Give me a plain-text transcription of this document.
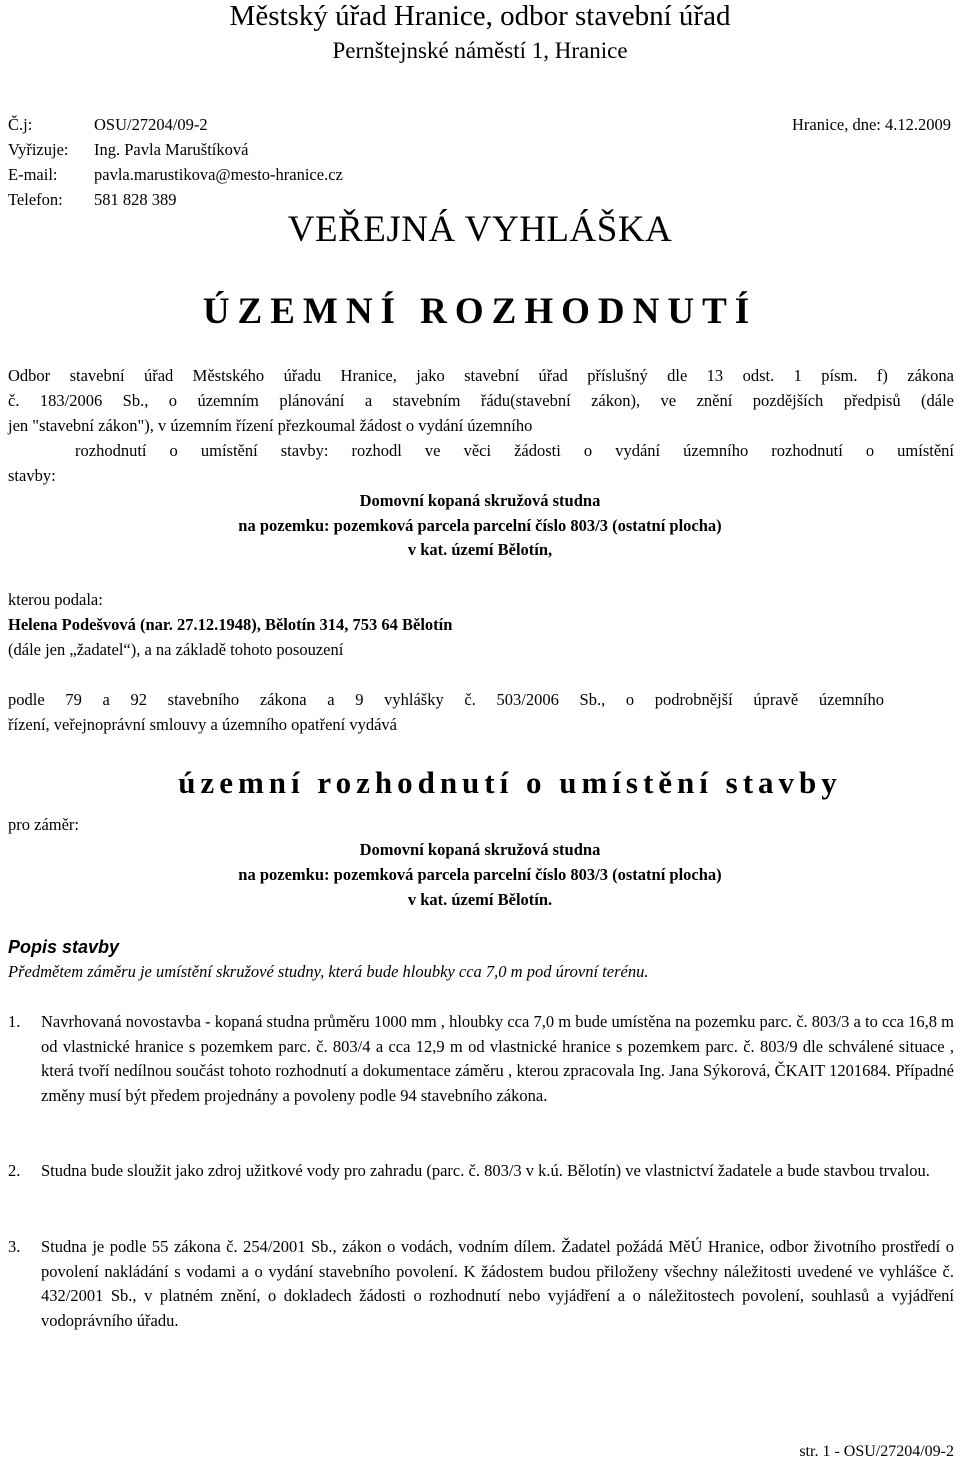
Městský úřad Hranice, odbor stavební úřad
Pernštejnské náměstí 1, Hranice
Č.j:	OSU/27204/09-2	Hranice, dne: 4.12.2009
Vyřizuje: Ing. Pavla Maruštíková
E-mail: pavla.marustikova@mesto-hranice.cz
Telefon: 581 828 389
VEŘEJNÁ VYHLÁŠKA
ÚZEMNÍ ROZHODNUTÍ
Odbor stavební úřad Městského úřadu Hranice, jako stavební úřad příslušný dle 13 odst. 1 písm. f) zákona
č. 183/2006 Sb., o územním plánování a stavebním řádu(stavební zákon), ve znění pozdějších předpisů (dále
jen "stavební zákon"), v územním řízení přezkoumal žádost o vydání územního
rozhodnutí o umístění stavby: rozhodl ve věci žádosti o vydání územního rozhodnutí o umístění
stavby:
Domovní kopaná skružová studna
na pozemku: pozemková parcela parcelní číslo 803/3 (ostatní plocha)
v kat. území Bělotín,
kterou podala:
Helena Podešvová (nar. 27.12.1948), Bělotín 314, 753 64 Bělotín
(dále jen „žadatel“), a na základě tohoto posouzení
podle 79 a 92 stavebního zákona a 9 vyhlášky č. 503/2006 Sb., o podrobnější úpravě územního
řízení, veřejnoprávní smlouvy a územního opatření vydává
územní rozhodnutí o umístění stavby
pro záměr:
Domovní kopaná skružová studna
na pozemku: pozemková parcela parcelní číslo 803/3 (ostatní plocha)
v kat. území Bělotín.
Popis stavby
Předmětem záměru je umístění skružové studny, která bude hloubky cca 7,0 m pod úrovní terénu.
1. Navrhovaná novostavba - kopaná studna průměru 1000 mm , hloubky cca 7,0 m bude umístěna na pozemku parc. č. 803/3 a to cca 16,8 m od vlastnické hranice s pozemkem parc. č. 803/4 a cca 12,9 m od vlastnické hranice s pozemkem parc. č. 803/9 dle schválené situace , která tvoří nedílnou součást tohoto rozhodnutí a dokumentace záměru , kterou zpracovala Ing. Jana Sýkorová, ČKAIT 1201684. Případné změny musí být předem projednány a povoleny podle 94 stavebního zákona.
2. Studna bude sloužit jako zdroj užitkové vody pro zahradu (parc. č. 803/3 v k.ú. Bělotín) ve vlastnictví žadatele a bude stavbou trvalou.
3. Studna je podle 55 zákona č. 254/2001 Sb., zákon o vodách, vodním dílem. Žadatel požádá MěÚ Hranice, odbor životního prostředí o povolení nakládání s vodami a o vydání stavebního povolení. K žádostem budou přiloženy všechny náležitosti uvedené ve vyhlášce č. 432/2001 Sb., v platném znění, o dokladech žádosti o rozhodnutí nebo vyjádření a o náležitostech povolení, souhlasů a vyjádření vodoprávního úřadu.
str. 1 - OSU/27204/09-2
